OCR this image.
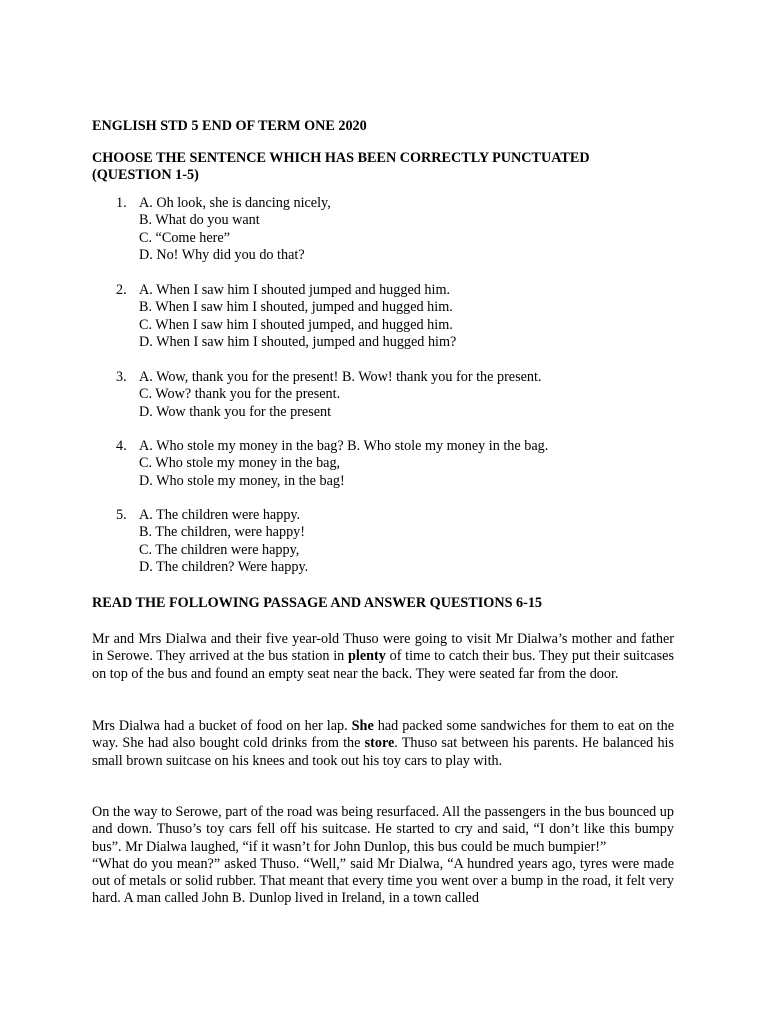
ENGLISH STD 5 END OF TERM ONE 2020
CHOOSE THE SENTENCE WHICH HAS BEEN CORRECTLY PUNCTUATED (QUESTION 1-5)
1. A. Oh look, she is dancing nicely,
B. What do you want
C. “Come here”
D. No! Why did you do that?
2. A. When I saw him I shouted jumped and hugged him.
B. When I saw him I shouted, jumped and hugged him.
C. When I saw him I shouted jumped, and hugged him.
D. When I saw him I shouted, jumped and hugged him?
3. A. Wow, thank you for the present! B. Wow! thank you for the present.
C. Wow? thank you for the present.
D. Wow thank you for the present
4. A. Who stole my money in the bag? B. Who stole my money in the bag.
C. Who stole my money in the bag,
D. Who stole my money, in the bag!
5. A. The children were happy.
B. The children, were happy!
C. The children were happy,
D. The children? Were happy.
READ THE FOLLOWING PASSAGE AND ANSWER QUESTIONS 6-15

Mr and Mrs Dialwa and their five year-old Thuso were going to visit Mr Dialwa’s mother and father in Serowe. They arrived at the bus station in plenty of time to catch their bus. They put their suitcases on top of the bus and found an empty seat near the back. They were seated far from the door.

Mrs Dialwa had a bucket of food on her lap. She had packed some sandwiches for them to eat on the way. She had also bought cold drinks from the store. Thuso sat between his parents. He balanced his small brown suitcase on his knees and took out his toy cars to play with.

On the way to Serowe, part of the road was being resurfaced. All the passengers in the bus bounced up and down. Thuso’s toy cars fell off his suitcase. He started to cry and said, “I don’t like this bumpy bus”. Mr Dialwa laughed, “if it wasn’t for John Dunlop, this bus could be much bumpier!”

“What do you mean?” asked Thuso. “Well,” said Mr Dialwa, “A hundred years ago, tyres were made out of metals or solid rubber. That meant that every time you went over a bump in the road, it felt very hard. A man called John B. Dunlop lived in Ireland, in a town called
